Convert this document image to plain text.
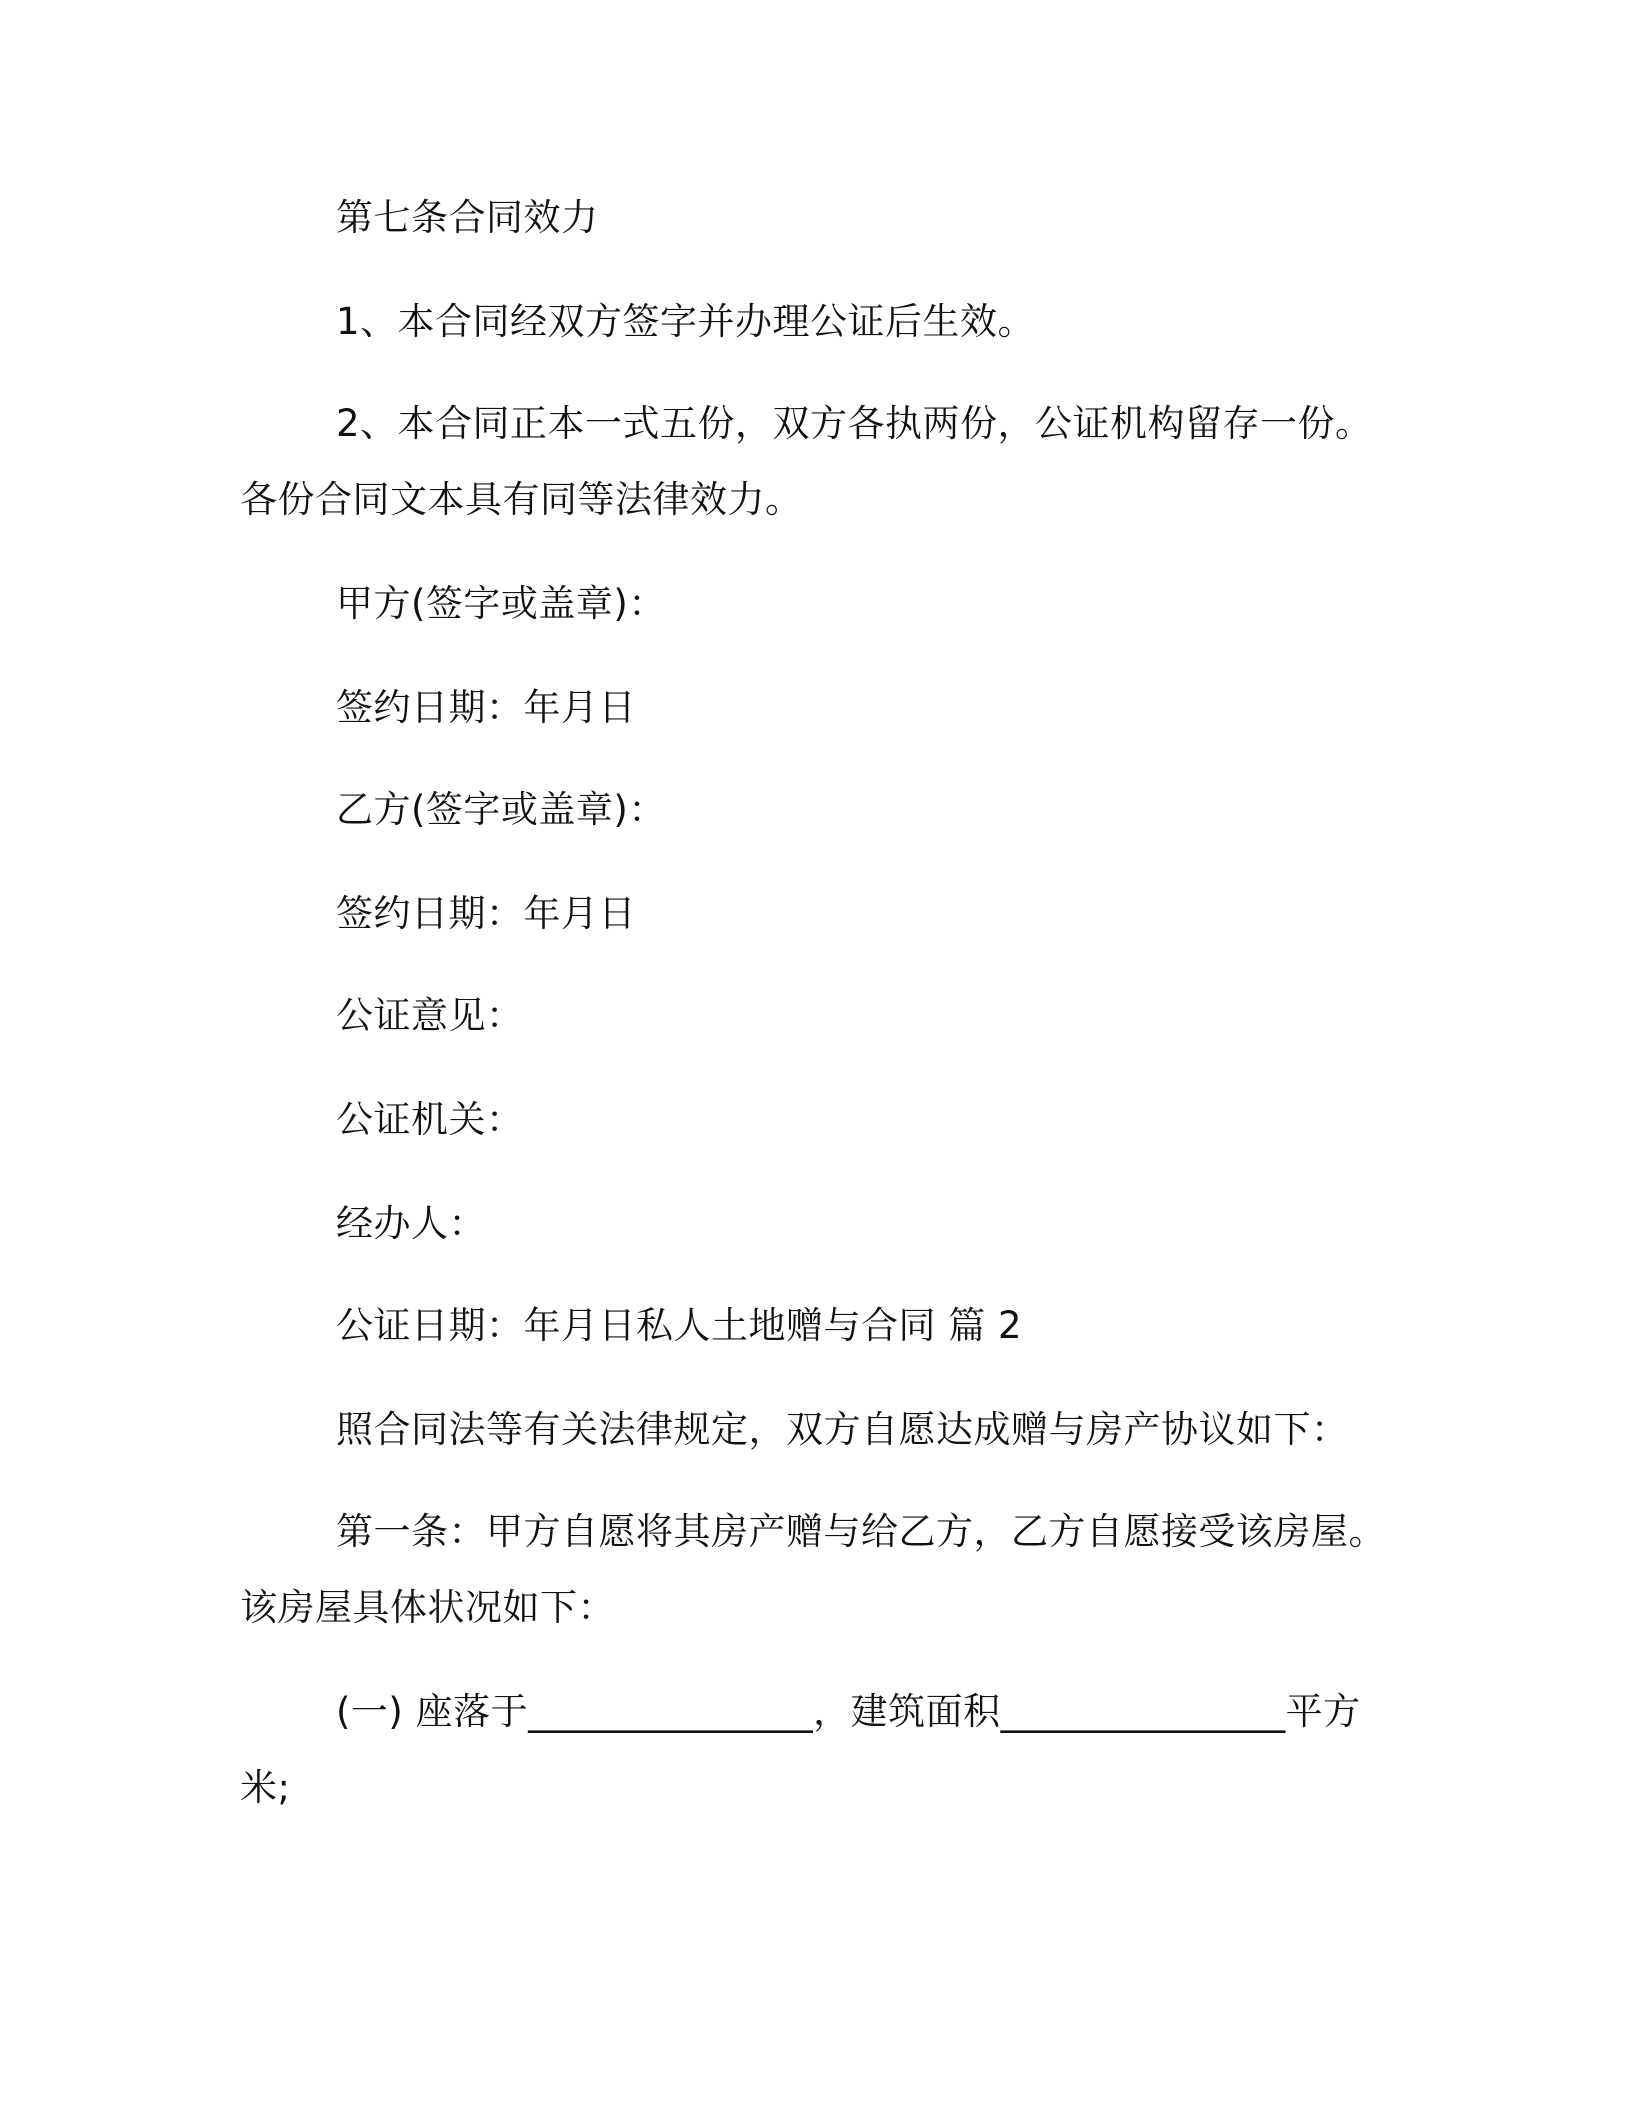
第七条合同效力
1、本合同经双方签字并办理公证后生效。
2、本合同正本一式五份，双方各执两份，公证机构留存一份。
各份合同文本具有同等法律效力。
甲方(签字或盖章)：
签约日期：年月日
乙方(签字或盖章)：
签约日期：年月日
公证意见：
公证机关：
经办人：
公证日期：年月日私人土地赠与合同 篇 2
照合同法等有关法律规定，双方自愿达成赠与房产协议如下：
第一条：甲方自愿将其房产赠与给乙方，乙方自愿接受该房屋。
该房屋具体状况如下：
(一) 座落于_______________，建筑面积_______________平方
米;
